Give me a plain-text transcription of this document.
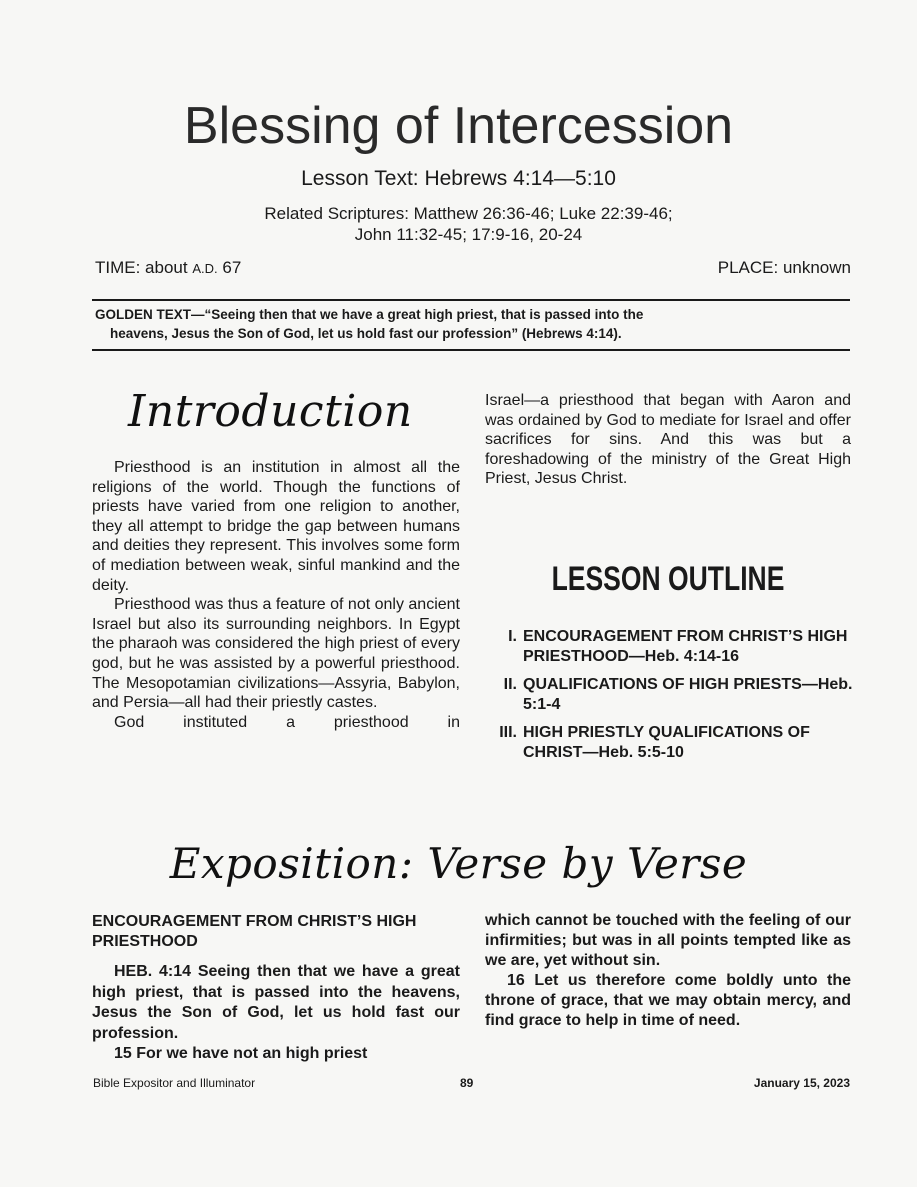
Blessing of Intercession
Lesson Text: Hebrews 4:14—5:10
Related Scriptures: Matthew 26:36-46; Luke 22:39-46;
John 11:32-45; 17:9-16, 20-24
TIME: about A.D. 67	PLACE: unknown
GOLDEN TEXT—“Seeing then that we have a great high priest, that is passed into the
heavens, Jesus the Son of God, let us hold fast our profession” (Hebrews 4:14).
Introduction

Priesthood is an institution in almost all the religions of the world. Though the functions of priests have varied from one religion to another, they all attempt to bridge the gap between humans and deities they represent. This involves some form of mediation between weak, sinful mankind and the deity.

Priesthood was thus a feature of not only ancient Israel but also its surrounding neighbors. In Egypt the pharaoh was considered the high priest of every god, but he was assisted by a powerful priesthood. The Mesopotamian civilizations—Assyria, Babylon, and Persia—all had their priestly castes.

God instituted a priesthood in

Israel—a priesthood that began with Aaron and was ordained by God to mediate for Israel and offer sacrifices for sins. And this was but a foreshadowing of the ministry of the Great High Priest, Jesus Christ.

LESSON OUTLINE
I. ENCOURAGEMENT FROM CHRIST’S HIGH PRIESTHOOD—Heb. 4:14-16
II. QUALIFICATIONS OF HIGH PRIESTS—Heb. 5:1-4
III. HIGH PRIESTLY QUALIFICATIONS OF CHRIST—Heb. 5:5-10
Exposition: Verse by Verse
ENCOURAGEMENT FROM CHRIST’S HIGH PRIESTHOOD

HEB. 4:14 Seeing then that we have a great high priest, that is passed into the heavens, Jesus the Son of God, let us hold fast our profession.

15 For we have not an high priest

which cannot be touched with the feeling of our infirmities; but was in all points tempted like as we are, yet without sin.

16 Let us therefore come boldly unto the throne of grace, that we may obtain mercy, and find grace to help in time of need.

Bible Expositor and Illuminator	89	January 15, 2023
